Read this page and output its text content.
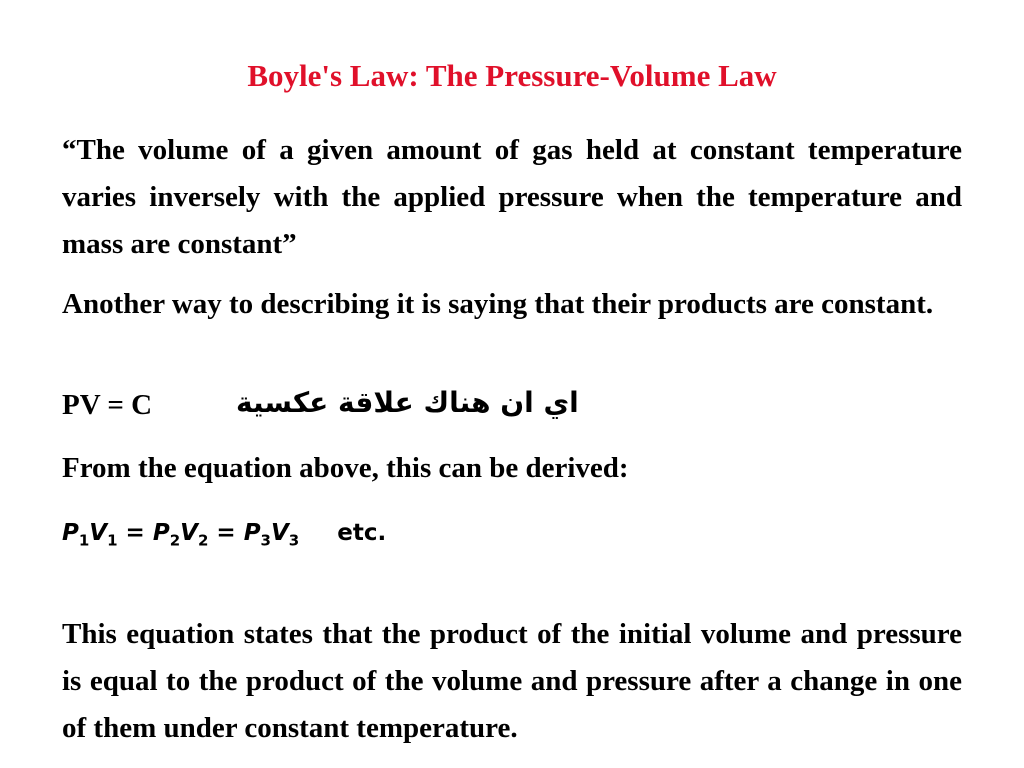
Boyle's Law: The Pressure-Volume Law

“The volume of a given amount of gas held at constant temperature varies inversely with the applied pressure when the temperature and mass are constant”

Another way to describing it is saying that their products are constant.

PV = C	اي ان هناك علاقة عكسية
From the equation above, this can be derived:
$P_1V_1 = P_2V_2 = P_3V_3$ etc.

This equation states that the product of the initial volume and pressure is equal to the product of the volume and pressure after a change in one of them under constant temperature.
